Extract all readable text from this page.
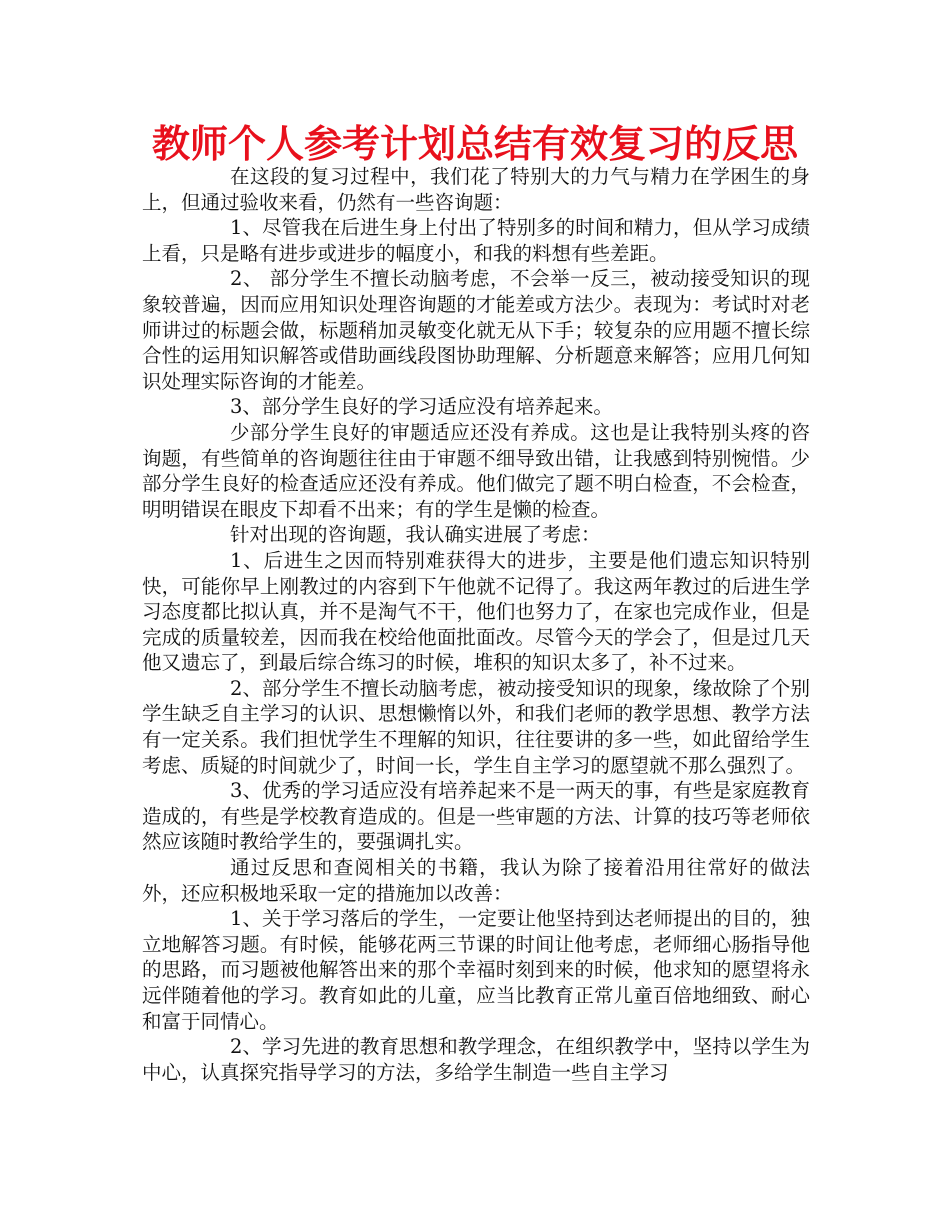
教师个人参考计划总结有效复习的反思

在这段的复习过程中，我们花了特别大的力气与精力在学困生的身上，但通过验收来看，仍然有一些咨询题：

1、尽管我在后进生身上付出了特别多的时间和精力，但从学习成绩上看，只是略有进步或进步的幅度小，和我的料想有些差距。

2、 部分学生不擅长动脑考虑，不会举一反三，被动接受知识的现象较普遍，因而应用知识处理咨询题的才能差或方法少。表现为：考试时对老师讲过的标题会做，标题稍加灵敏变化就无从下手；较复杂的应用题不擅长综合性的运用知识解答或借助画线段图协助理解、分析题意来解答；应用几何知识处理实际咨询的才能差。

3、部分学生良好的学习适应没有培养起来。

少部分学生良好的审题适应还没有养成。这也是让我特别头疼的咨询题，有些简单的咨询题往往由于审题不细导致出错，让我感到特别惋惜。少部分学生良好的检查适应还没有养成。他们做完了题不明白检查，不会检查，明明错误在眼皮下却看不出来；有的学生是懒的检查。

针对出现的咨询题，我认确实进展了考虑：

1、后进生之因而特别难获得大的进步，主要是他们遗忘知识特别快，可能你早上刚教过的内容到下午他就不记得了。我这两年教过的后进生学习态度都比拟认真，并不是淘气不干，他们也努力了，在家也完成作业，但是完成的质量较差，因而我在校给他面批面改。尽管今天的学会了，但是过几天他又遗忘了，到最后综合练习的时候，堆积的知识太多了，补不过来。

2、部分学生不擅长动脑考虑，被动接受知识的现象，缘故除了个别学生缺乏自主学习的认识、思想懒惰以外，和我们老师的教学思想、教学方法有一定关系。我们担忧学生不理解的知识，往往要讲的多一些，如此留给学生考虑、质疑的时间就少了，时间一长，学生自主学习的愿望就不那么强烈了。

3、优秀的学习适应没有培养起来不是一两天的事，有些是家庭教育造成的，有些是学校教育造成的。但是一些审题的方法、计算的技巧等老师依然应该随时教给学生的，要强调扎实。

通过反思和查阅相关的书籍，我认为除了接着沿用往常好的做法外，还应积极地采取一定的措施加以改善：

1、关于学习落后的学生，一定要让他坚持到达老师提出的目的，独立地解答习题。有时候，能够花两三节课的时间让他考虑，老师细心肠指导他的思路，而习题被他解答出来的那个幸福时刻到来的时候，他求知的愿望将永远伴随着他的学习。教育如此的儿童，应当比教育正常儿童百倍地细致、耐心和富于同情心。

2、学习先进的教育思想和教学理念，在组织教学中，坚持以学生为中心，认真探究指导学习的方法，多给学生制造一些自主学习
